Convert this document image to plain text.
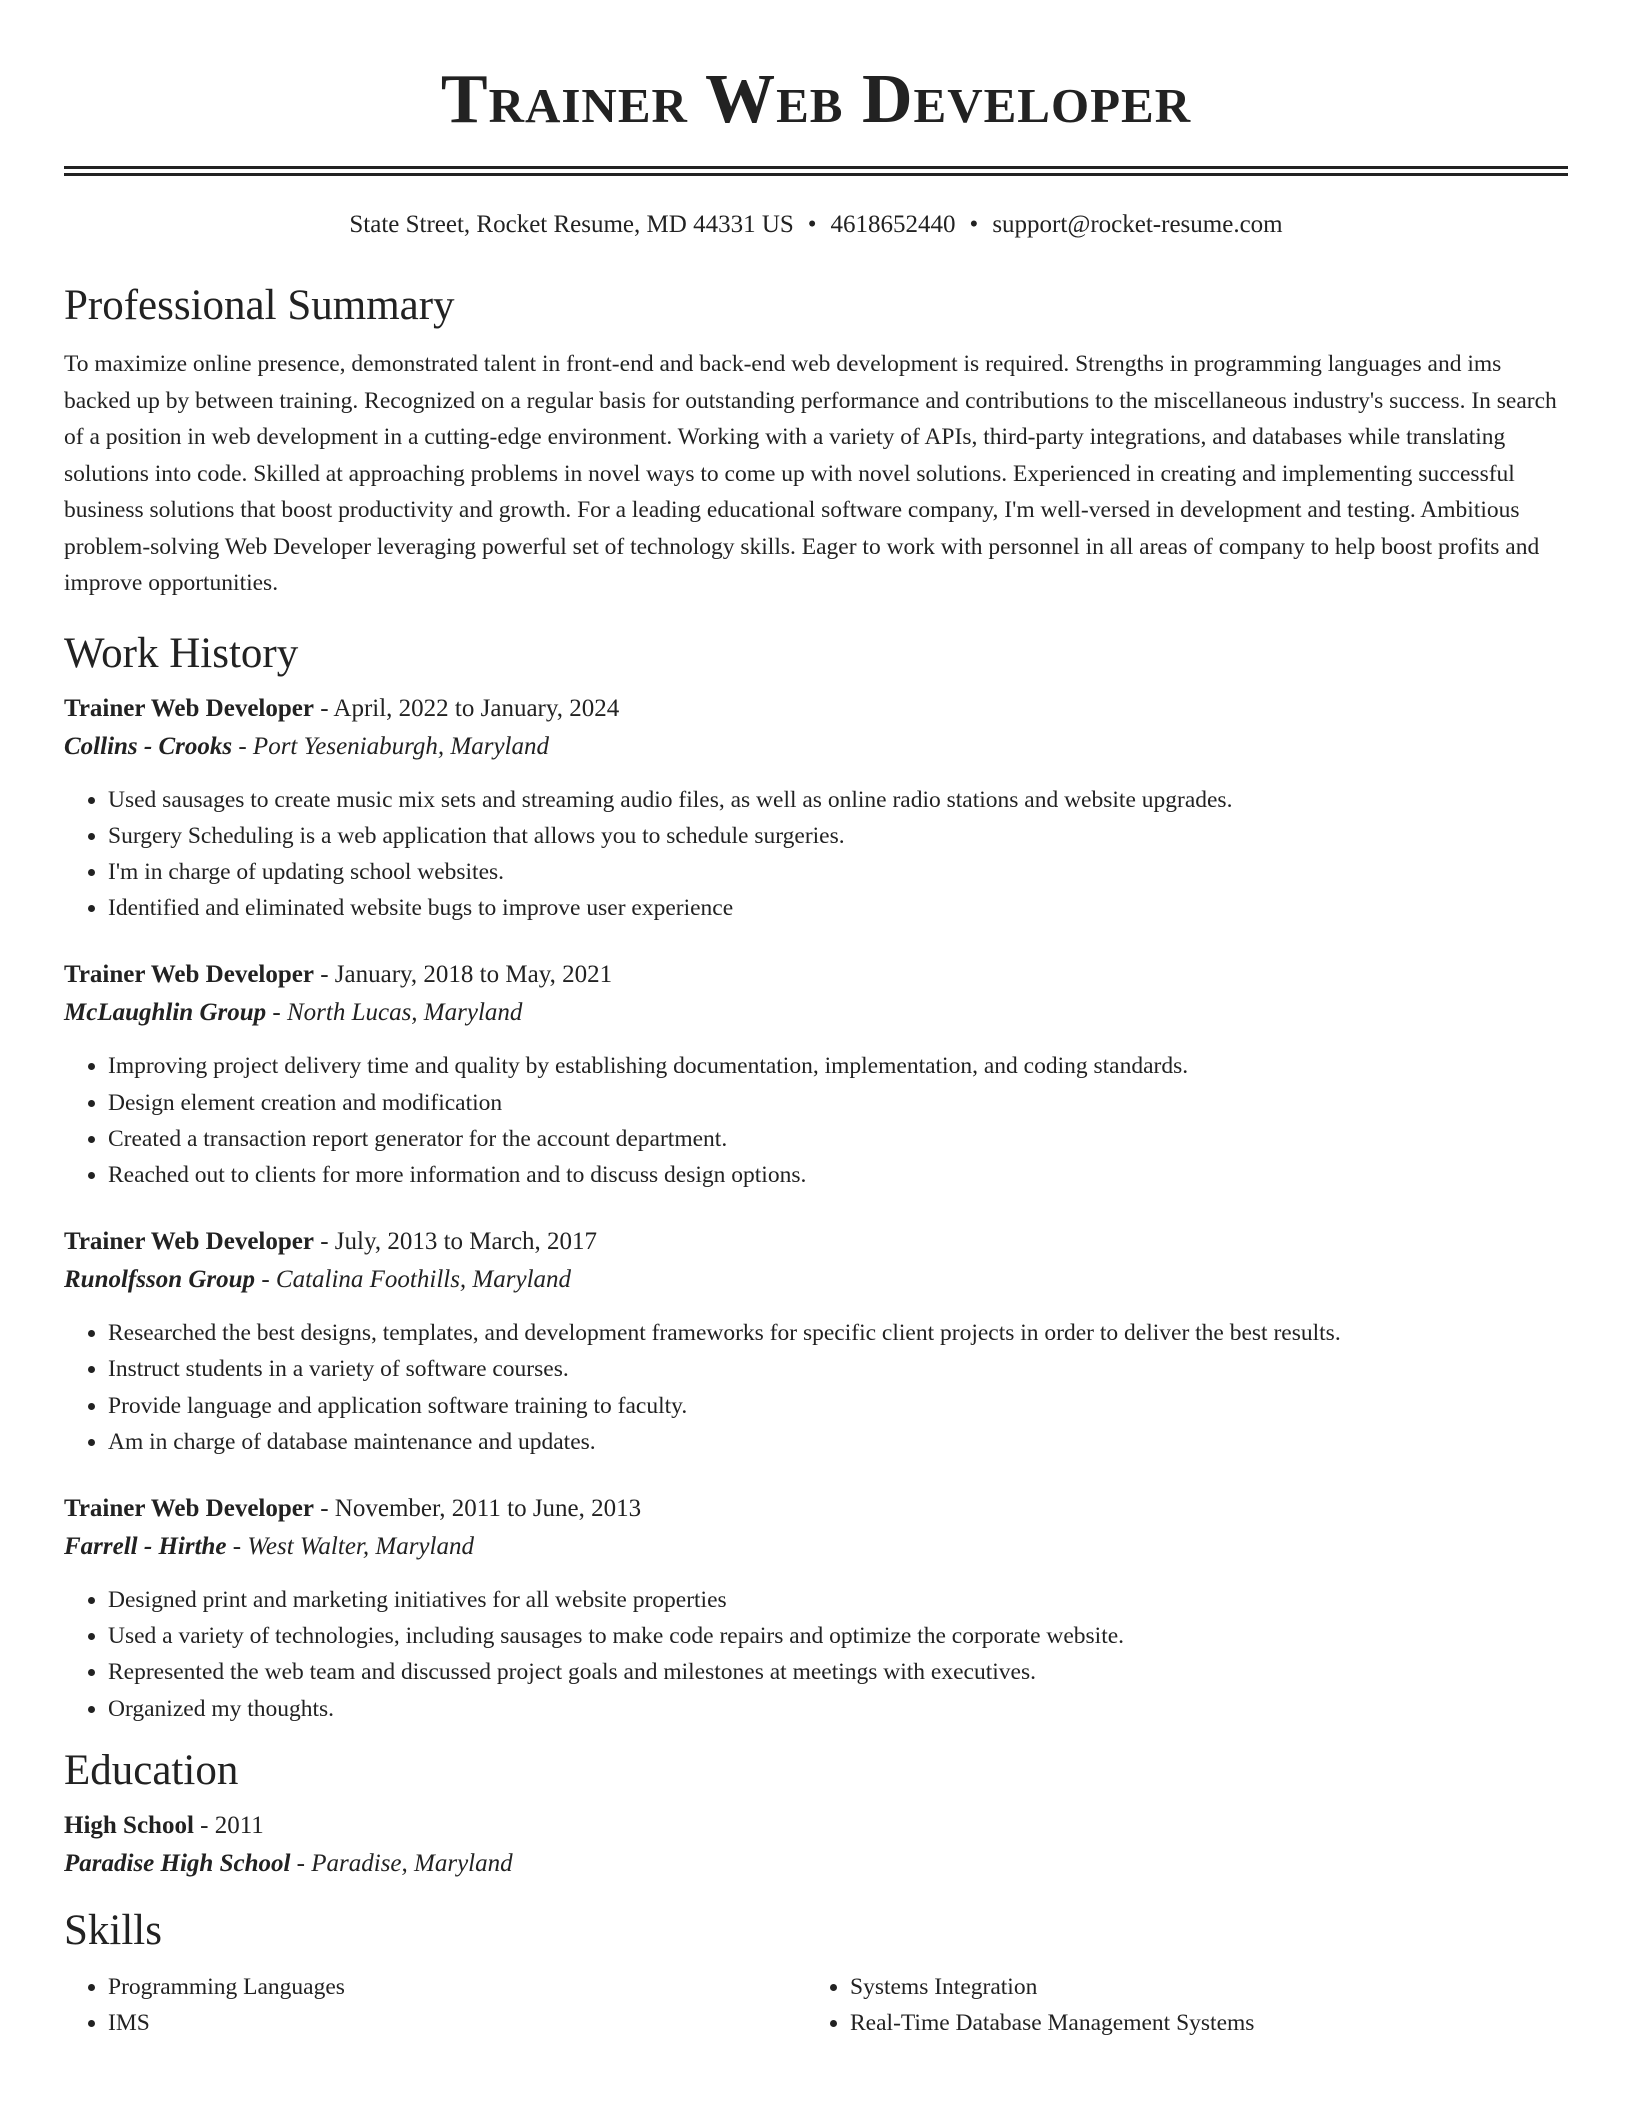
Trainer Web Developer
State Street, Rocket Resume, MD 44331 US • 4618652440 • support@rocket-resume.com
Professional Summary

To maximize online presence, demonstrated talent in front-end and back-end web development is required. Strengths in programming languages and ims backed up by between training. Recognized on a regular basis for outstanding performance and contributions to the miscellaneous industry's success. In search of a position in web development in a cutting-edge environment. Working with a variety of APIs, third-party integrations, and databases while translating solutions into code. Skilled at approaching problems in novel ways to come up with novel solutions. Experienced in creating and implementing successful business solutions that boost productivity and growth. For a leading educational software company, I'm well-versed in development and testing. Ambitious problem-solving Web Developer leveraging powerful set of technology skills. Eager to work with personnel in all areas of company to help boost profits and improve opportunities.

Work History
Trainer Web Developer - April, 2022 to January, 2024
Collins - Crooks - Port Yeseniaburgh, Maryland
• Used sausages to create music mix sets and streaming audio files, as well as online radio stations and website upgrades.
• Surgery Scheduling is a web application that allows you to schedule surgeries.
• I'm in charge of updating school websites.
• Identified and eliminated website bugs to improve user experience
Trainer Web Developer - January, 2018 to May, 2021
McLaughlin Group - North Lucas, Maryland
• Improving project delivery time and quality by establishing documentation, implementation, and coding standards.
• Design element creation and modification
• Created a transaction report generator for the account department.
• Reached out to clients for more information and to discuss design options.
Trainer Web Developer - July, 2013 to March, 2017
Runolfsson Group - Catalina Foothills, Maryland
• Researched the best designs, templates, and development frameworks for specific client projects in order to deliver the best results.
• Instruct students in a variety of software courses.
• Provide language and application software training to faculty.
• Am in charge of database maintenance and updates.
Trainer Web Developer - November, 2011 to June, 2013
Farrell - Hirthe - West Walter, Maryland
• Designed print and marketing initiatives for all website properties
• Used a variety of technologies, including sausages to make code repairs and optimize the corporate website.
• Represented the web team and discussed project goals and milestones at meetings with executives.
• Organized my thoughts.
Education
High School - 2011
Paradise High School - Paradise, Maryland
Skills
• Programming Languages
• IMS
• Systems Integration
• Real-Time Database Management Systems
